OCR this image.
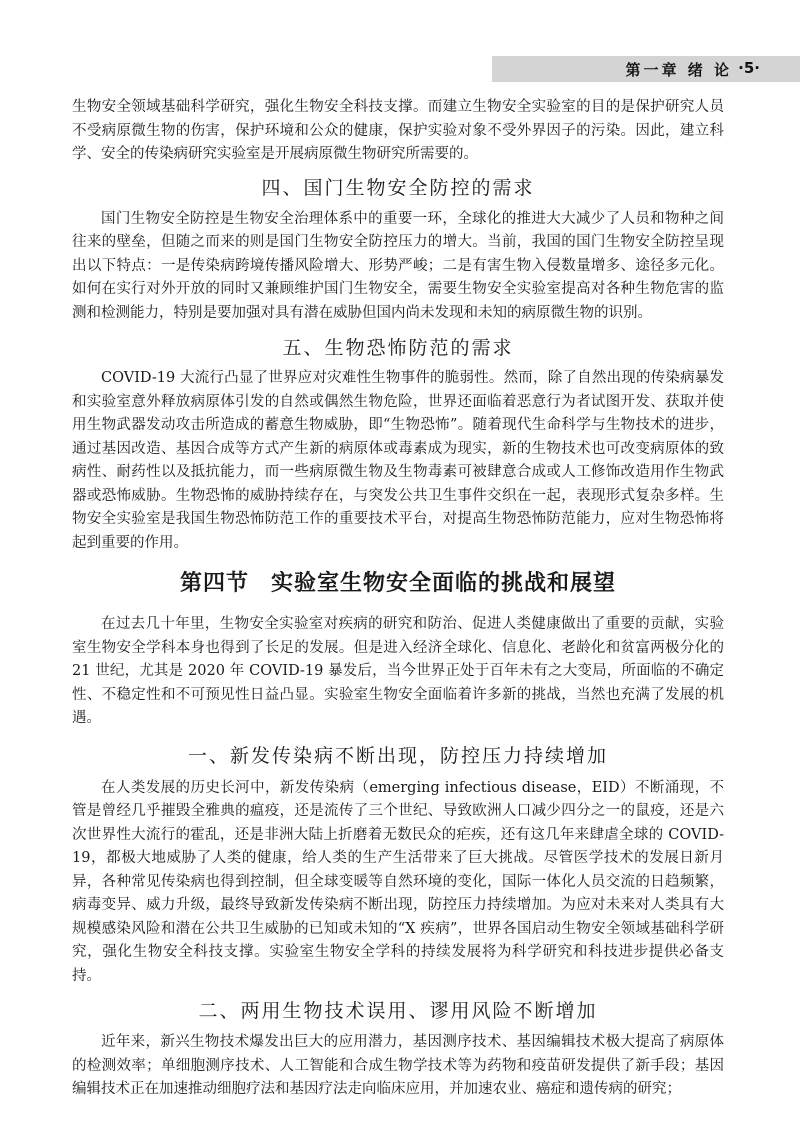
第一章 绪 论 ·5·

生物安全领域基础科学研究，强化生物安全科技支撑。而建立生物安全实验室的目的是保护研究人员不受病原微生物的伤害，保护环境和公众的健康，保护实验对象不受外界因子的污染。因此，建立科学、安全的传染病研究实验室是开展病原微生物研究所需要的。

四、国门生物安全防控的需求

国门生物安全防控是生物安全治理体系中的重要一环，全球化的推进大大减少了人员和物种之间往来的壁垒，但随之而来的则是国门生物安全防控压力的增大。当前，我国的国门生物安全防控呈现出以下特点：一是传染病跨境传播风险增大、形势严峻；二是有害生物入侵数量增多、途径多元化。如何在实行对外开放的同时又兼顾维护国门生物安全，需要生物安全实验室提高对各种生物危害的监测和检测能力，特别是要加强对具有潜在威胁但国内尚未发现和未知的病原微生物的识别。

五、生物恐怖防范的需求

COVID-19 大流行凸显了世界应对灾难性生物事件的脆弱性。然而，除了自然出现的传染病暴发和实验室意外释放病原体引发的自然或偶然生物危险，世界还面临着恶意行为者试图开发、获取并使用生物武器发动攻击所造成的蓄意生物威胁，即“生物恐怖”。随着现代生命科学与生物技术的进步，通过基因改造、基因合成等方式产生新的病原体或毒素成为现实，新的生物技术也可改变病原体的致病性、耐药性以及抵抗能力，而一些病原微生物及生物毒素可被肆意合成或人工修饰改造用作生物武器或恐怖威胁。生物恐怖的威胁持续存在，与突发公共卫生事件交织在一起，表现形式复杂多样。生物安全实验室是我国生物恐怖防范工作的重要技术平台，对提高生物恐怖防范能力，应对生物恐怖将起到重要的作用。

第四节 实验室生物安全面临的挑战和展望

在过去几十年里，生物安全实验室对疾病的研究和防治、促进人类健康做出了重要的贡献，实验室生物安全学科本身也得到了长足的发展。但是进入经济全球化、信息化、老龄化和贫富两极分化的 21 世纪，尤其是 2020 年 COVID-19 暴发后，当今世界正处于百年未有之大变局，所面临的不确定性、不稳定性和不可预见性日益凸显。实验室生物安全面临着许多新的挑战，当然也充满了发展的机遇。

一、新发传染病不断出现，防控压力持续增加

在人类发展的历史长河中，新发传染病（emerging infectious disease，EID）不断涌现，不管是曾经几乎摧毁全雅典的瘟疫，还是流传了三个世纪、导致欧洲人口减少四分之一的鼠疫，还是六次世界性大流行的霍乱，还是非洲大陆上折磨着无数民众的疟疾，还有这几年来肆虐全球的 COVID-19，都极大地威胁了人类的健康，给人类的生产生活带来了巨大挑战。尽管医学技术的发展日新月异，各种常见传染病也得到控制，但全球变暖等自然环境的变化，国际一体化人员交流的日趋频繁，病毒变异、威力升级，最终导致新发传染病不断出现，防控压力持续增加。为应对未来对人类具有大规模感染风险和潜在公共卫生威胁的已知或未知的“X 疾病”，世界各国启动生物安全领域基础科学研究，强化生物安全科技支撑。实验室生物安全学科的持续发展将为科学研究和科技进步提供必备支持。

二、两用生物技术误用、谬用风险不断增加

近年来，新兴生物技术爆发出巨大的应用潜力，基因测序技术、基因编辑技术极大提高了病原体的检测效率；单细胞测序技术、人工智能和合成生物学技术等为药物和疫苗研发提供了新手段；基因编辑技术正在加速推动细胞疗法和基因疗法走向临床应用，并加速农业、癌症和遗传病的研究；
